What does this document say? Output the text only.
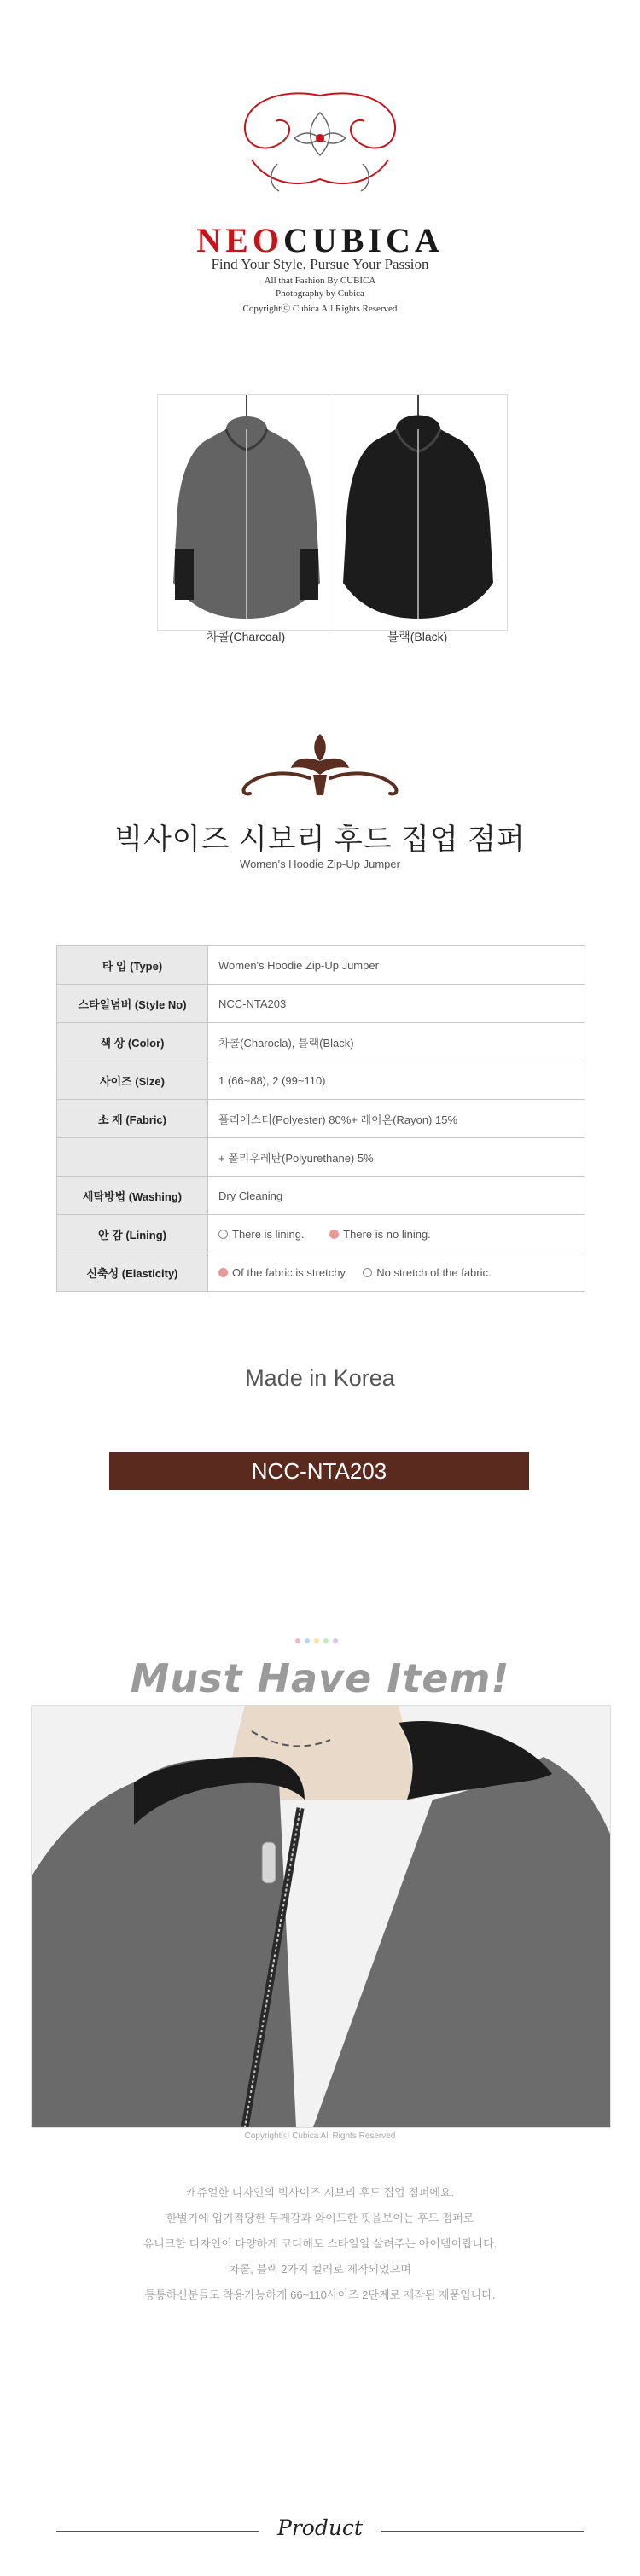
NEOCUBICA
Find Your Style, Pursue Your Passion
All that Fashion By CUBICA
Photography by Cubica
Copyrightⓒ Cubica All Rights Reserved
차콜(Charcoal)	블랙(Black)
빅사이즈 시보리 후드 집업 점퍼
Women's Hoodie Zip-Up Jumper
타 입 (Type)	Women's Hoodie Zip-Up Jumper
스타일넘버 (Style No)	NCC-NTA203
색 상 (Color)	차콜(Charocla), 블랙(Black)
사이즈 (Size)	1 (66~88), 2 (99~110)
소 재 (Fabric)	폴리에스터(Polyester) 80%+ 레이온(Rayon) 15%
	+ 폴리우레탄(Polyurethane) 5%
세탁방법 (Washing)	Dry Cleaning
안 감 (Lining)	There is lining. There is no lining.
신축성 (Elasticity)	Of the fabric is stretchy. No stretch of the fabric.
Made in Korea
NCC-NTA203
Must Have Item!
Copyrightⓒ Cubica All Rights Reserved
캐쥬얼한 디자인의 빅사이즈 시보리 후드 집업 점퍼에요.
한벌기에 입기적당한 두께감과 와이드한 핏을보이는 후드 점퍼로
유니크한 디자인이 다양하게 코디해도 스타일일 살려주는 아이템이랍니다.
차콜, 블랙 2가지 컬러로 제작되었으며
통통하신분들도 착용가능하게 66~110사이즈 2단계로 제작된 제품입니다.
Product
